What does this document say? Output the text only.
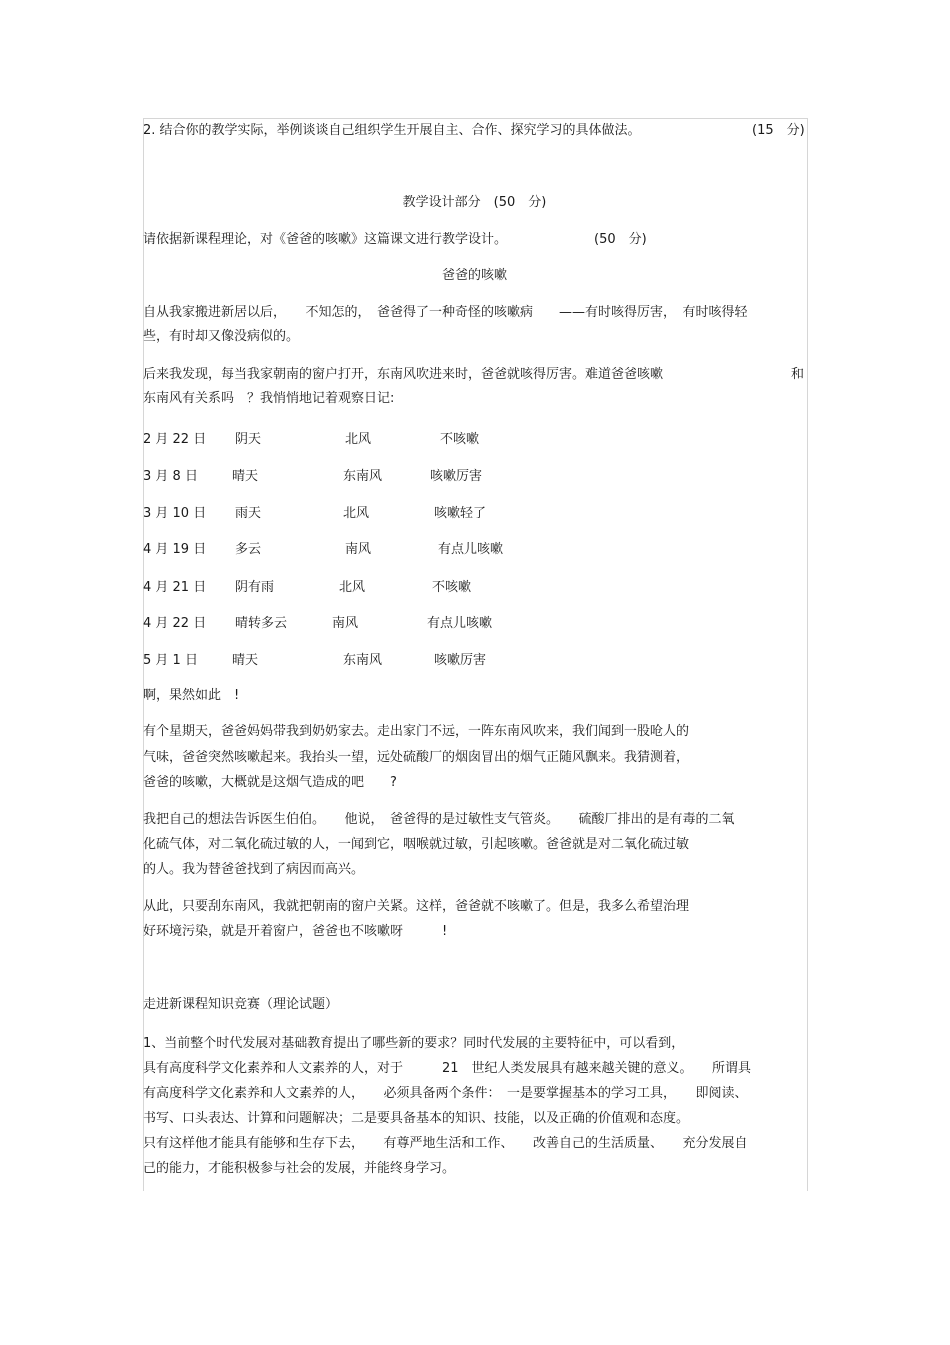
2. 结合你的教学实际，举例谈谈自己组织学生开展自主、合作、探究学习的具体做法。	(15　分)
教学设计部分　(50　分)
请依据新课程理论，对《爸爸的咳嗽》这篇课文进行教学设计。	(50　分)
爸爸的咳嗽
自从我家搬进新居以后，　　不知怎的，　爸爸得了一种奇怪的咳嗽病　　——有时咳得厉害，　有时咳得轻
些，有时却又像没病似的。
后来我发现，每当我家朝南的窗户打开，东南风吹进来时，爸爸就咳得厉害。难道爸爸咳嗽	和
东南风有关系吗　？我悄悄地记着观察日记:
2 月 22 日 阴天	北风	不咳嗽
3 月 8 日	晴天	东南风	咳嗽厉害
3 月 10 日 雨天	北风	咳嗽轻了
4 月 19 日 多云	南风	有点儿咳嗽
4 月 21 日 阴有雨	北风	不咳嗽
4 月 22 日 晴转多云	南风	有点儿咳嗽
5 月 1 日	晴天	东南风	咳嗽厉害
啊，果然如此　!
有个星期天，爸爸妈妈带我到奶奶家去。走出家门不远，一阵东南风吹来，我们闻到一股呛人的
气味，爸爸突然咳嗽起来。我抬头一望，远处硫酸厂的烟囱冒出的烟气正随风飘来。我猜测着，
爸爸的咳嗽，大概就是这烟气造成的吧　　?
我把自己的想法告诉医生伯伯。　　他说，　爸爸得的是过敏性支气管炎。　　硫酸厂排出的是有毒的二氧
化硫气体，对二氧化硫过敏的人，一闻到它，咽喉就过敏，引起咳嗽。爸爸就是对二氧化硫过敏
的人。我为替爸爸找到了病因而高兴。
从此，只要刮东南风，我就把朝南的窗户关紧。这样，爸爸就不咳嗽了。但是，我多么希望治理
好环境污染，就是开着窗户，爸爸也不咳嗽呀　　　!
走进新课程知识竞赛（理论试题）
1、当前整个时代发展对基础教育提出了哪些新的要求？同时代发展的主要特征中，可以看到，
具有高度科学文化素养和人文素养的人，对于　　　21　世纪人类发展具有越来越关键的意义。　　所谓具
有高度科学文化素养和人文素养的人，　　必须具备两个条件：　一是要掌握基本的学习工具，　　即阅读、
书写、口头表达、计算和问题解决；二是要具备基本的知识、技能，以及正确的价值观和态度。
只有这样他才能具有能够和生存下去，　　有尊严地生活和工作、　　改善自己的生活质量、　　充分发展自
己的能力，才能积极参与社会的发展，并能终身学习。
